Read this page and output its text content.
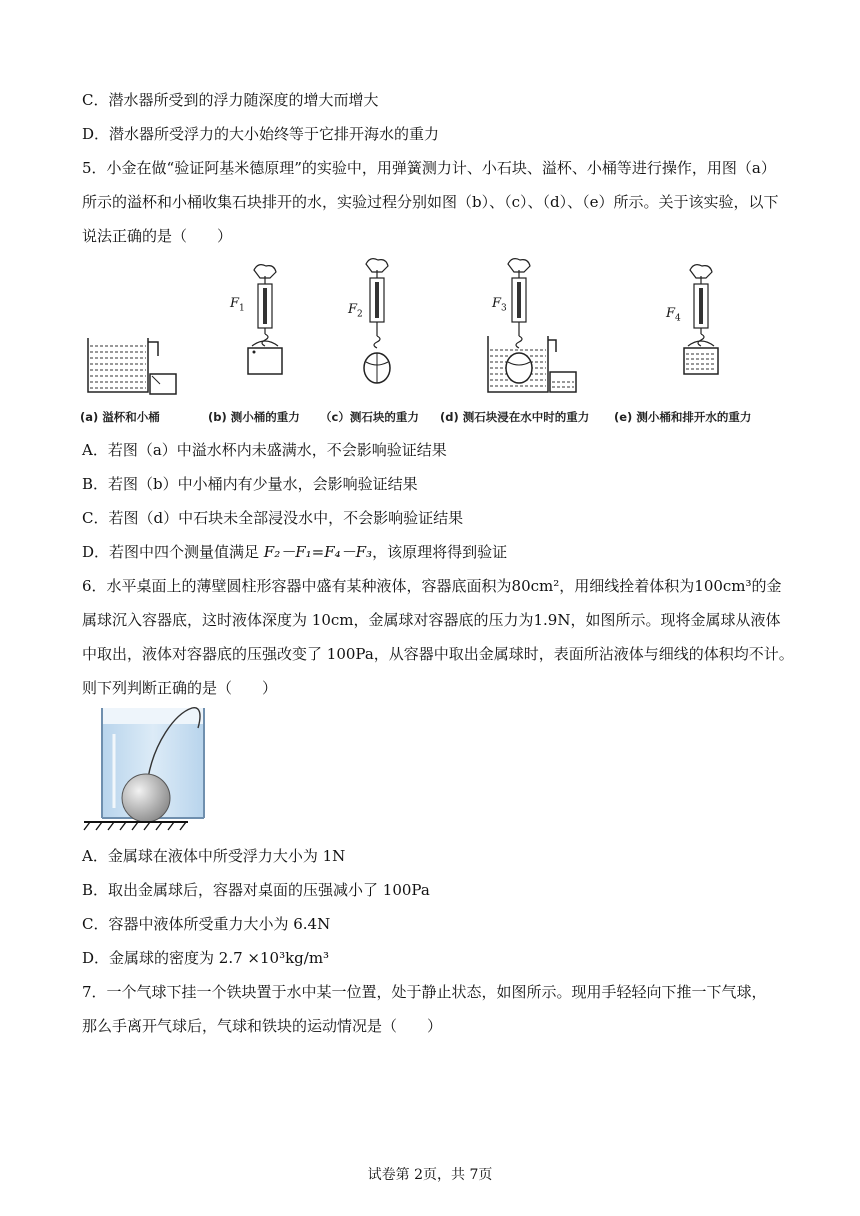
C．潜水器所受到的浮力随深度的增大而增大
D．潜水器所受浮力的大小始终等于它排开海水的重力
5．小金在做“验证阿基米德原理”的实验中，用弹簧测力计、小石块、溢杯、小桶等进行操作，用图（a）
所示的溢杯和小桶收集石块排开的水，实验过程分别如图（b）、（c）、（d）、（e）所示。关于该实验，以下
说法正确的是（　　）
$F_1$	$F_2$
$F_3$	$F_4$
(a) 溢杯和小桶	(b) 测小桶的重力 （c）测石块的重力 (d) 测石块浸在水中时的重力 (e) 测小桶和排开水的重力
A．若图（a）中溢水杯内未盛满水，不会影响验证结果
B．若图（b）中小桶内有少量水，会影响验证结果
C．若图（d）中石块未全部浸没水中，不会影响验证结果
D．若图中四个测量值满足 F₂－F₁=F₄－F₃，该原理将得到验证
6．水平桌面上的薄壁圆柱形容器中盛有某种液体，容器底面积为80cm²，用细线拴着体积为100cm³的金
属球沉入容器底，这时液体深度为 10cm，金属球对容器底的压力为1.9N，如图所示。现将金属球从液体
中取出，液体对容器底的压强改变了 100Pa，从容器中取出金属球时，表面所沾液体与细线的体积均不计。
则下列判断正确的是（　　）
A．金属球在液体中所受浮力大小为 1N
B．取出金属球后，容器对桌面的压强减小了 100Pa
C．容器中液体所受重力大小为 6.4N
D．金属球的密度为 2.7 ×10³kg/m³
7．一个气球下挂一个铁块置于水中某一位置，处于静止状态，如图所示。现用手轻轻向下推一下气球，
那么手离开气球后，气球和铁块的运动情况是（　　）
试卷第 2页，共 7页
